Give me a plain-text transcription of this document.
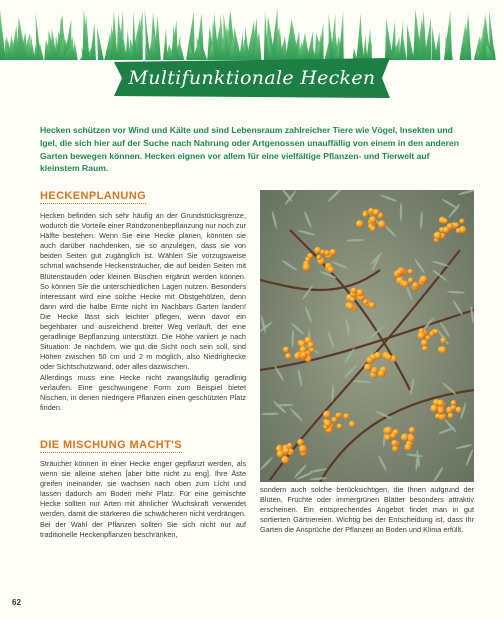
Multifunktionale Hecken
Hecken schützen vor Wind und Kälte und sind Lebensraum zahlreicher Tiere wie Vögel, Insekten und Igel, die sich hier auf der Suche nach Nahrung oder Artgenossen unauffällig von einem in den anderen Garten bewegen können. Hecken eignen vor allem für eine vielfältige Pflanzen- und Tierwelt auf kleinstem Raum.
HECKENPLANUNG

Hecken befinden sich sehr häufig an der Grundstücksgrenze, wodurch die Vorteile einer Randzonenbepflanzung nur noch zur Hälfte bestehen. Wenn Sie eine Hecke planen, könnten sie auch darüber nachdenken, sie so anzulegen, dass sie von beiden Seiten gut zugänglich ist. Wählen Sie vorzugsweise schmal wachsende Heckensträucher, die auf beiden Seiten mit Blütenstauden oder kleinen Büschen ergänzt werden können. So können Sie die unterschiedlichen Lagen nutzen. Besonders interessant wird eine solche Hecke mit Obstgehölzen, denn dann wird die halbe Ernte nicht im Nachbars Garten landen! Die Hecke lässt sich leichter pflegen, wenn davor ein begehbarer und ausreichend breiter Weg verläuft, der eine geradlinige Bepflanzung unterstützt. Die Höhe variiert je nach Situation: Je nachdem, wie gut die Sicht noch sein soll, sind Höhen zwischen 50 cm und 2 m möglich, also Niedrighecke oder Sichtschutzwand, oder alles dazwischen.

Allerdings muss eine Hecke nicht zwangsläufig geradlinig verlaufen. Eine geschwungene Form zum Beispiel bietet Nischen, in denen niedrigere Pflanzen einen geschützten Platz finden.

DIE MISCHUNG MACHT'S
Sträucher können in einer Hecke enger gepflanzt werden, als wenn sie alleine stehen [aber bitte nicht zu eng]. Ihre Äste greifen ineinander, sie wachsen nach oben zum Licht und lassen dadurch am Boden mehr Platz. Für eine gemischte Hecke sollten nur Arten mit ähnlicher Wuchskraft verwendet werden, damit die stärkeren die schwächeren nicht verdrängen. Bei der Wahl der Pflanzen sollten Sie sich nicht nur auf traditionelle Heckenpflanzen beschränken,
sondern auch solche berücksichtigen, die Ihnen aufgrund der Blüten, Früchte oder immergrünen Blätter besonders attraktiv erscheinen. Ein entsprechendes Angebot findet man in gut sortierten Gärtnereien. Wichtig bei der Entscheidung ist, dass Ihr Garten die Ansprüche der Pflanzen an Boden und Klima erfüllt.
62
